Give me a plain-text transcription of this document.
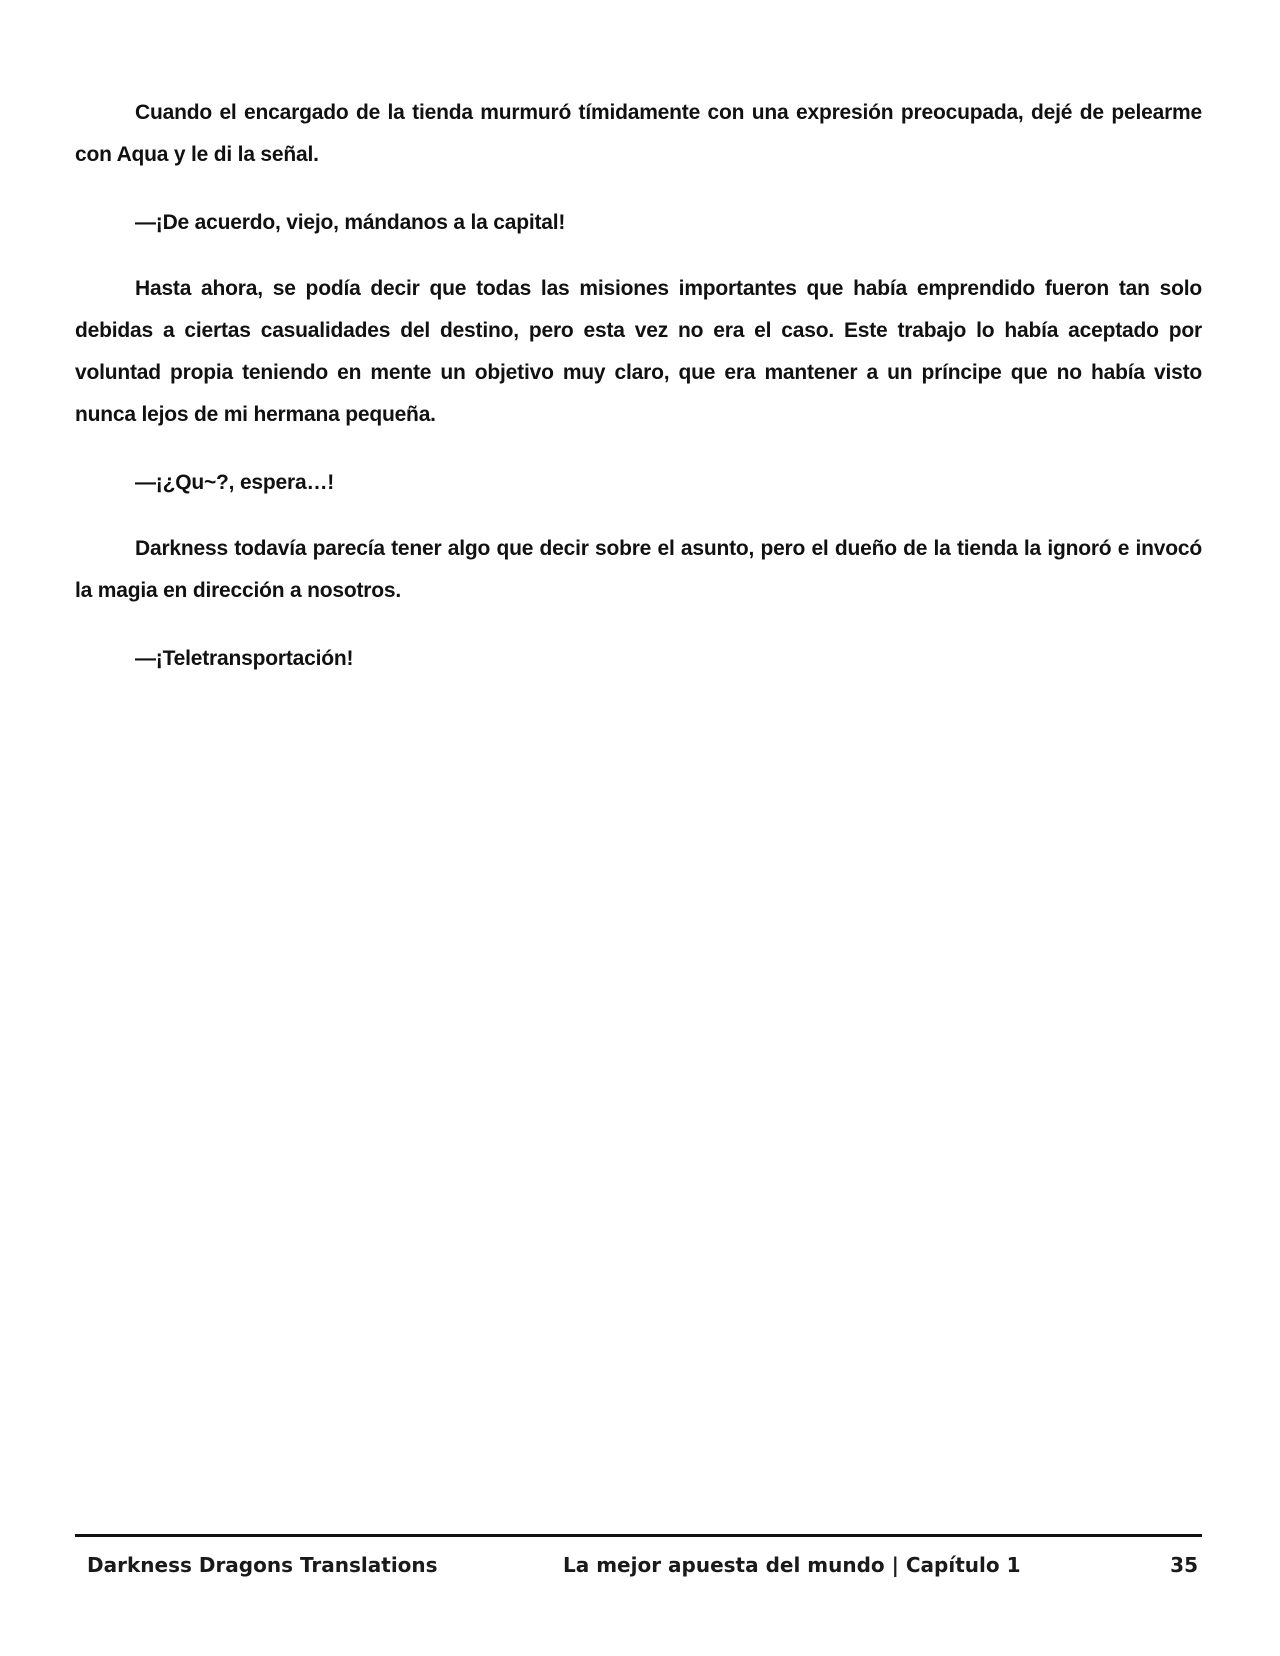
Cuando el encargado de la tienda murmuró tímidamente con una expresión preocupada, dejé de pelearme con Aqua y le di la señal.

—¡De acuerdo, viejo, mándanos a la capital!

Hasta ahora, se podía decir que todas las misiones importantes que había emprendido fueron tan solo debidas a ciertas casualidades del destino, pero esta vez no era el caso. Este trabajo lo había aceptado por voluntad propia teniendo en mente un objetivo muy claro, que era mantener a un príncipe que no había visto nunca lejos de mi hermana pequeña.

—¡¿Qu~?, espera…!

Darkness todavía parecía tener algo que decir sobre el asunto, pero el dueño de la tienda la ignoró e invocó la magia en dirección a nosotros.

—¡Teletransportación!

Darkness Dragons Translations	La mejor apuesta del mundo | Capítulo 1	35
